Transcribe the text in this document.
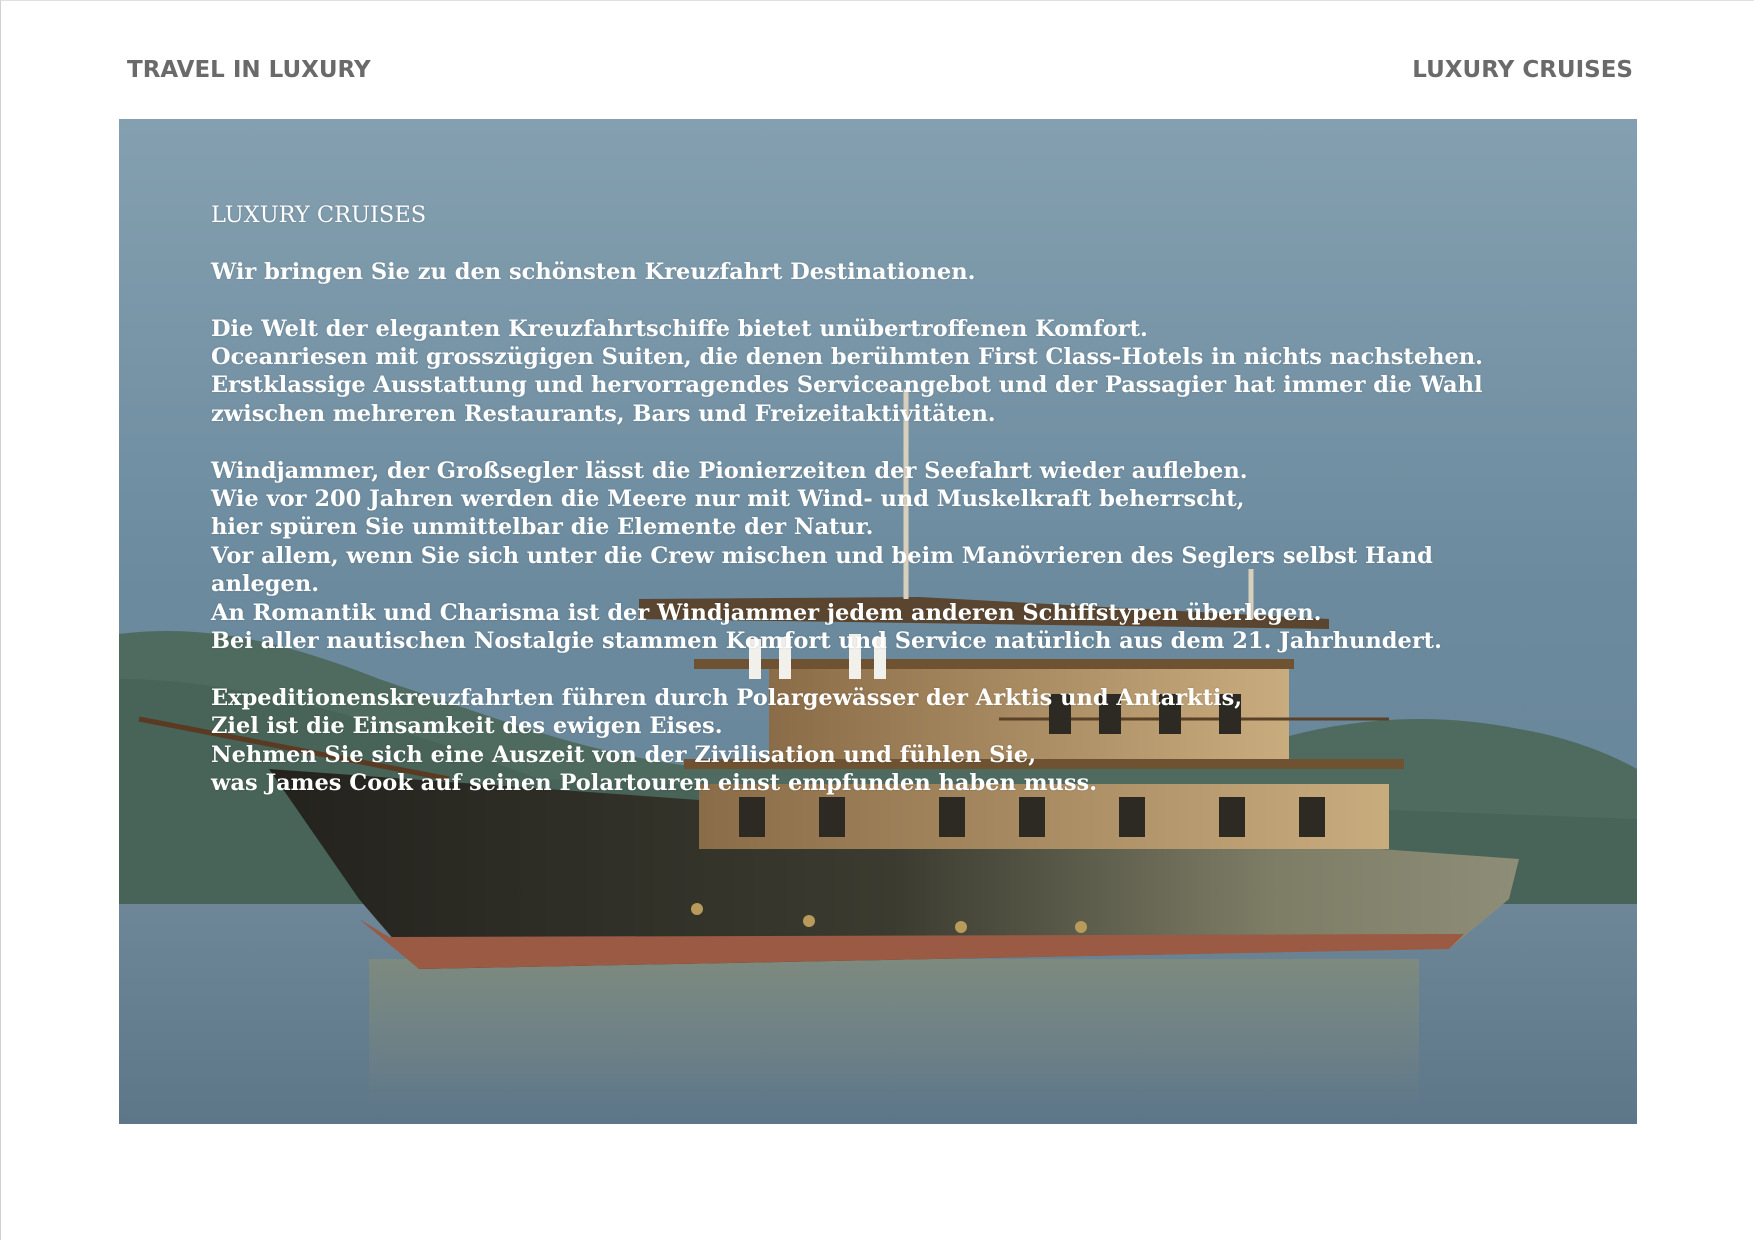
TRAVEL IN LUXURY	LUXURY CRUISES
LUXURY CRUISES
Wir bringen Sie zu den schönsten Kreuzfahrt Destinationen.
Die Welt der eleganten Kreuzfahrtschiffe bietet unübertroffenen Komfort.
Oceanriesen mit grosszügigen Suiten, die denen berühmten First Class-Hotels in nichts nachstehen.
Erstklassige Ausstattung und hervorragendes Serviceangebot und der Passagier hat immer die Wahl
zwischen mehreren Restaurants, Bars und Freizeitaktivitäten.
Windjammer, der Großsegler lässt die Pionierzeiten der Seefahrt wieder aufleben.
Wie vor 200 Jahren werden die Meere nur mit Wind- und Muskelkraft beherrscht,
hier spüren Sie unmittelbar die Elemente der Natur.
Vor allem, wenn Sie sich unter die Crew mischen und beim Manövrieren des Seglers selbst Hand
anlegen.
An Romantik und Charisma ist der Windjammer jedem anderen Schiffstypen überlegen.
Bei aller nautischen Nostalgie stammen Komfort und Service natürlich aus dem 21. Jahrhundert.
Expeditionenskreuzfahrten führen durch Polargewässer der Arktis und Antarktis,
Ziel ist die Einsamkeit des ewigen Eises.
Nehmen Sie sich eine Auszeit von der Zivilisation und fühlen Sie,
was James Cook auf seinen Polartouren einst empfunden haben muss.
